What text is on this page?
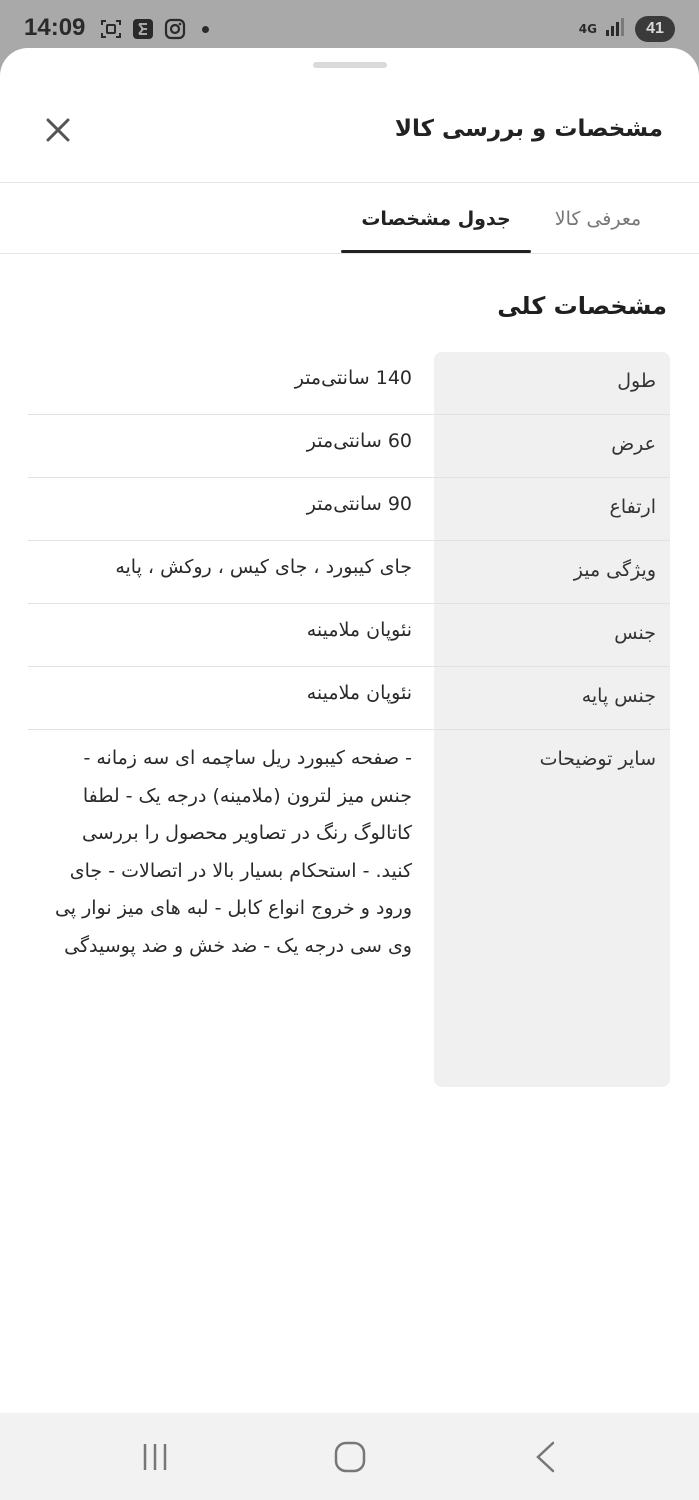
14:09	4G	41
مشخصات و بررسی کالا
معرفی کالا
جدول مشخصات
مشخصات کلی
طول
140 سانتی‌متر
عرض
60 سانتی‌متر
ارتفاع
90 سانتی‌متر
ویژگی میز
جای کیبورد ، جای کیس ، روکش ، پایه
جنس
نئوپان ملامینه
جنس پایه
نئوپان ملامینه
سایر توضیحات
- صفحه کیبورد ریل ساچمه ای سه زمانه - جنس میز لترون (ملامینه) درجه یک - لطفا کاتالوگ رنگ در تصاویر محصول را بررسی کنید. - استحکام بسیار بالا در اتصالات - جای ورود و خروج انواع کابل - لبه های میز نوار پی وی سی درجه یک - ضد خش و ضد پوسیدگی
